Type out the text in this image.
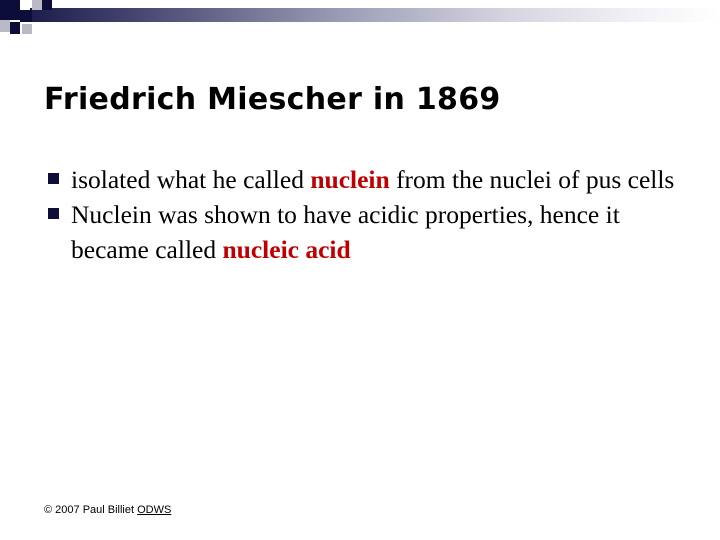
Friedrich Miescher in 1869
isolated what he called nuclein from the nuclei of pus cells
Nuclein was shown to have acidic properties, hence it became called nucleic acid
© 2007 Paul Billiet ODWS
